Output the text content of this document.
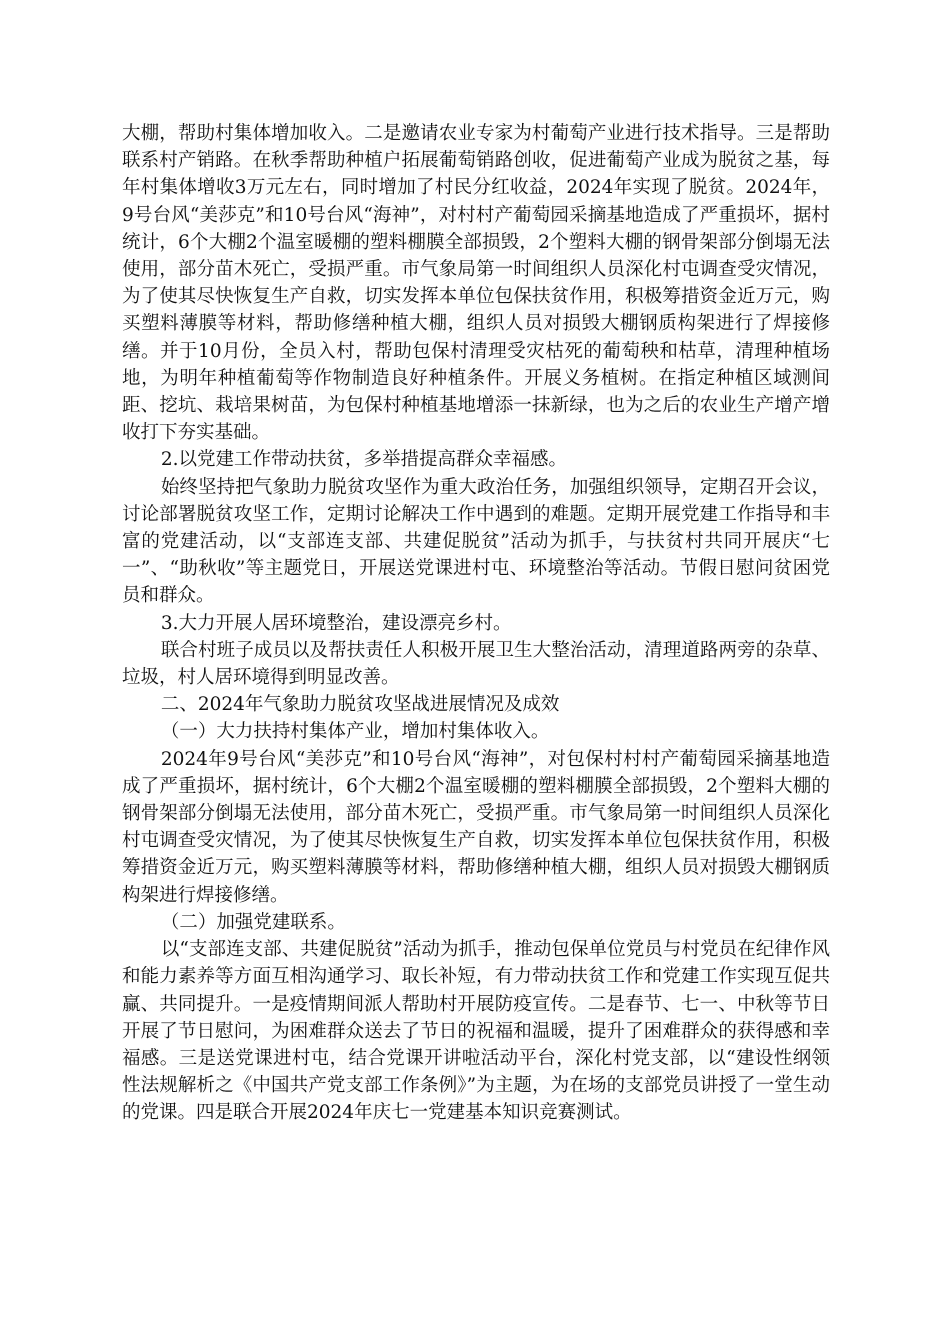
大棚，帮助村集体增加收入。二是邀请农业专家为村葡萄产业进行技术指导。三是帮助联系村产销路。在秋季帮助种植户拓展葡萄销路创收，促进葡萄产业成为脱贫之基，每年村集体增收3万元左右，同时增加了村民分红收益，2024年实现了脱贫。2024年，9号台风“美莎克”和10号台风“海神”，对村村产葡萄园采摘基地造成了严重损坏，据村统计，6个大棚2个温室暖棚的塑料棚膜全部损毁，2个塑料大棚的钢骨架部分倒塌无法使用，部分苗木死亡，受损严重。市气象局第一时间组织人员深化村屯调查受灾情况，为了使其尽快恢复生产自救，切实发挥本单位包保扶贫作用，积极筹措资金近万元，购买塑料薄膜等材料，帮助修缮种植大棚，组织人员对损毁大棚钢质构架进行了焊接修缮。并于10月份，全员入村，帮助包保村清理受灾枯死的葡萄秧和枯草，清理种植场地，为明年种植葡萄等作物制造良好种植条件。开展义务植树。在指定种植区域测间距、挖坑、栽培果树苗，为包保村种植基地增添一抹新绿，也为之后的农业生产增产增收打下夯实基础。

2.以党建工作带动扶贫，多举措提高群众幸福感。

始终坚持把气象助力脱贫攻坚作为重大政治任务，加强组织领导，定期召开会议，讨论部署脱贫攻坚工作，定期讨论解决工作中遇到的难题。定期开展党建工作指导和丰富的党建活动，以“支部连支部、共建促脱贫”活动为抓手，与扶贫村共同开展庆“七一”、“助秋收”等主题党日，开展送党课进村屯、环境整治等活动。节假日慰问贫困党员和群众。

3.大力开展人居环境整治，建设漂亮乡村。

联合村班子成员以及帮扶责任人积极开展卫生大整治活动，清理道路两旁的杂草、垃圾，村人居环境得到明显改善。

二、2024年气象助力脱贫攻坚战进展情况及成效

（一）大力扶持村集体产业，增加村集体收入。

2024年9号台风“美莎克”和10号台风“海神”，对包保村村村产葡萄园采摘基地造成了严重损坏，据村统计，6个大棚2个温室暖棚的塑料棚膜全部损毁，2个塑料大棚的钢骨架部分倒塌无法使用，部分苗木死亡，受损严重。市气象局第一时间组织人员深化村屯调查受灾情况，为了使其尽快恢复生产自救，切实发挥本单位包保扶贫作用，积极筹措资金近万元，购买塑料薄膜等材料，帮助修缮种植大棚，组织人员对损毁大棚钢质构架进行焊接修缮。

（二）加强党建联系。

以“支部连支部、共建促脱贫”活动为抓手，推动包保单位党员与村党员在纪律作风和能力素养等方面互相沟通学习、取长补短，有力带动扶贫工作和党建工作实现互促共赢、共同提升。一是疫情期间派人帮助村开展防疫宣传。二是春节、七一、中秋等节日开展了节日慰问，为困难群众送去了节日的祝福和温暖，提升了困难群众的获得感和幸福感。三是送党课进村屯，结合党课开讲啦活动平台，深化村党支部，以“建设性纲领性法规解析之《中国共产党支部工作条例》”为主题，为在场的支部党员讲授了一堂生动的党课。四是联合开展2024年庆七一党建基本知识竞赛测试。
